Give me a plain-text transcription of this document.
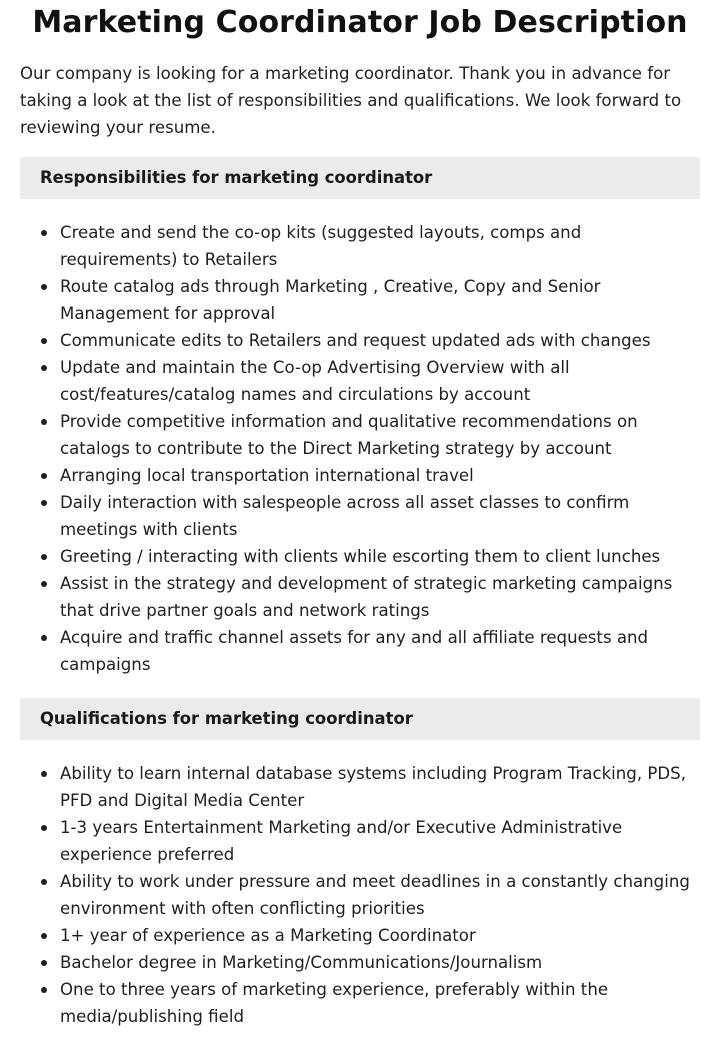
Marketing Coordinator Job Description

Our company is looking for a marketing coordinator. Thank you in advance for taking a look at the list of responsibilities and qualifications. We look forward to reviewing your resume.

Responsibilities for marketing coordinator
Create and send the co-op kits (suggested layouts, comps and requirements) to Retailers
Route catalog ads through Marketing , Creative, Copy and Senior Management for approval
Communicate edits to Retailers and request updated ads with changes
Update and maintain the Co-op Advertising Overview with all cost/features/catalog names and circulations by account
Provide competitive information and qualitative recommendations on catalogs to contribute to the Direct Marketing strategy by account
Arranging local transportation international travel
Daily interaction with salespeople across all asset classes to confirm meetings with clients
Greeting / interacting with clients while escorting them to client lunches
Assist in the strategy and development of strategic marketing campaigns that drive partner goals and network ratings
Acquire and traffic channel assets for any and all affiliate requests and campaigns
Qualifications for marketing coordinator
Ability to learn internal database systems including Program Tracking, PDS, PFD and Digital Media Center
1-3 years Entertainment Marketing and/or Executive Administrative experience preferred
Ability to work under pressure and meet deadlines in a constantly changing environment with often conflicting priorities
1+ year of experience as a Marketing Coordinator
Bachelor degree in Marketing/Communications/Journalism
One to three years of marketing experience, preferably within the media/publishing field
